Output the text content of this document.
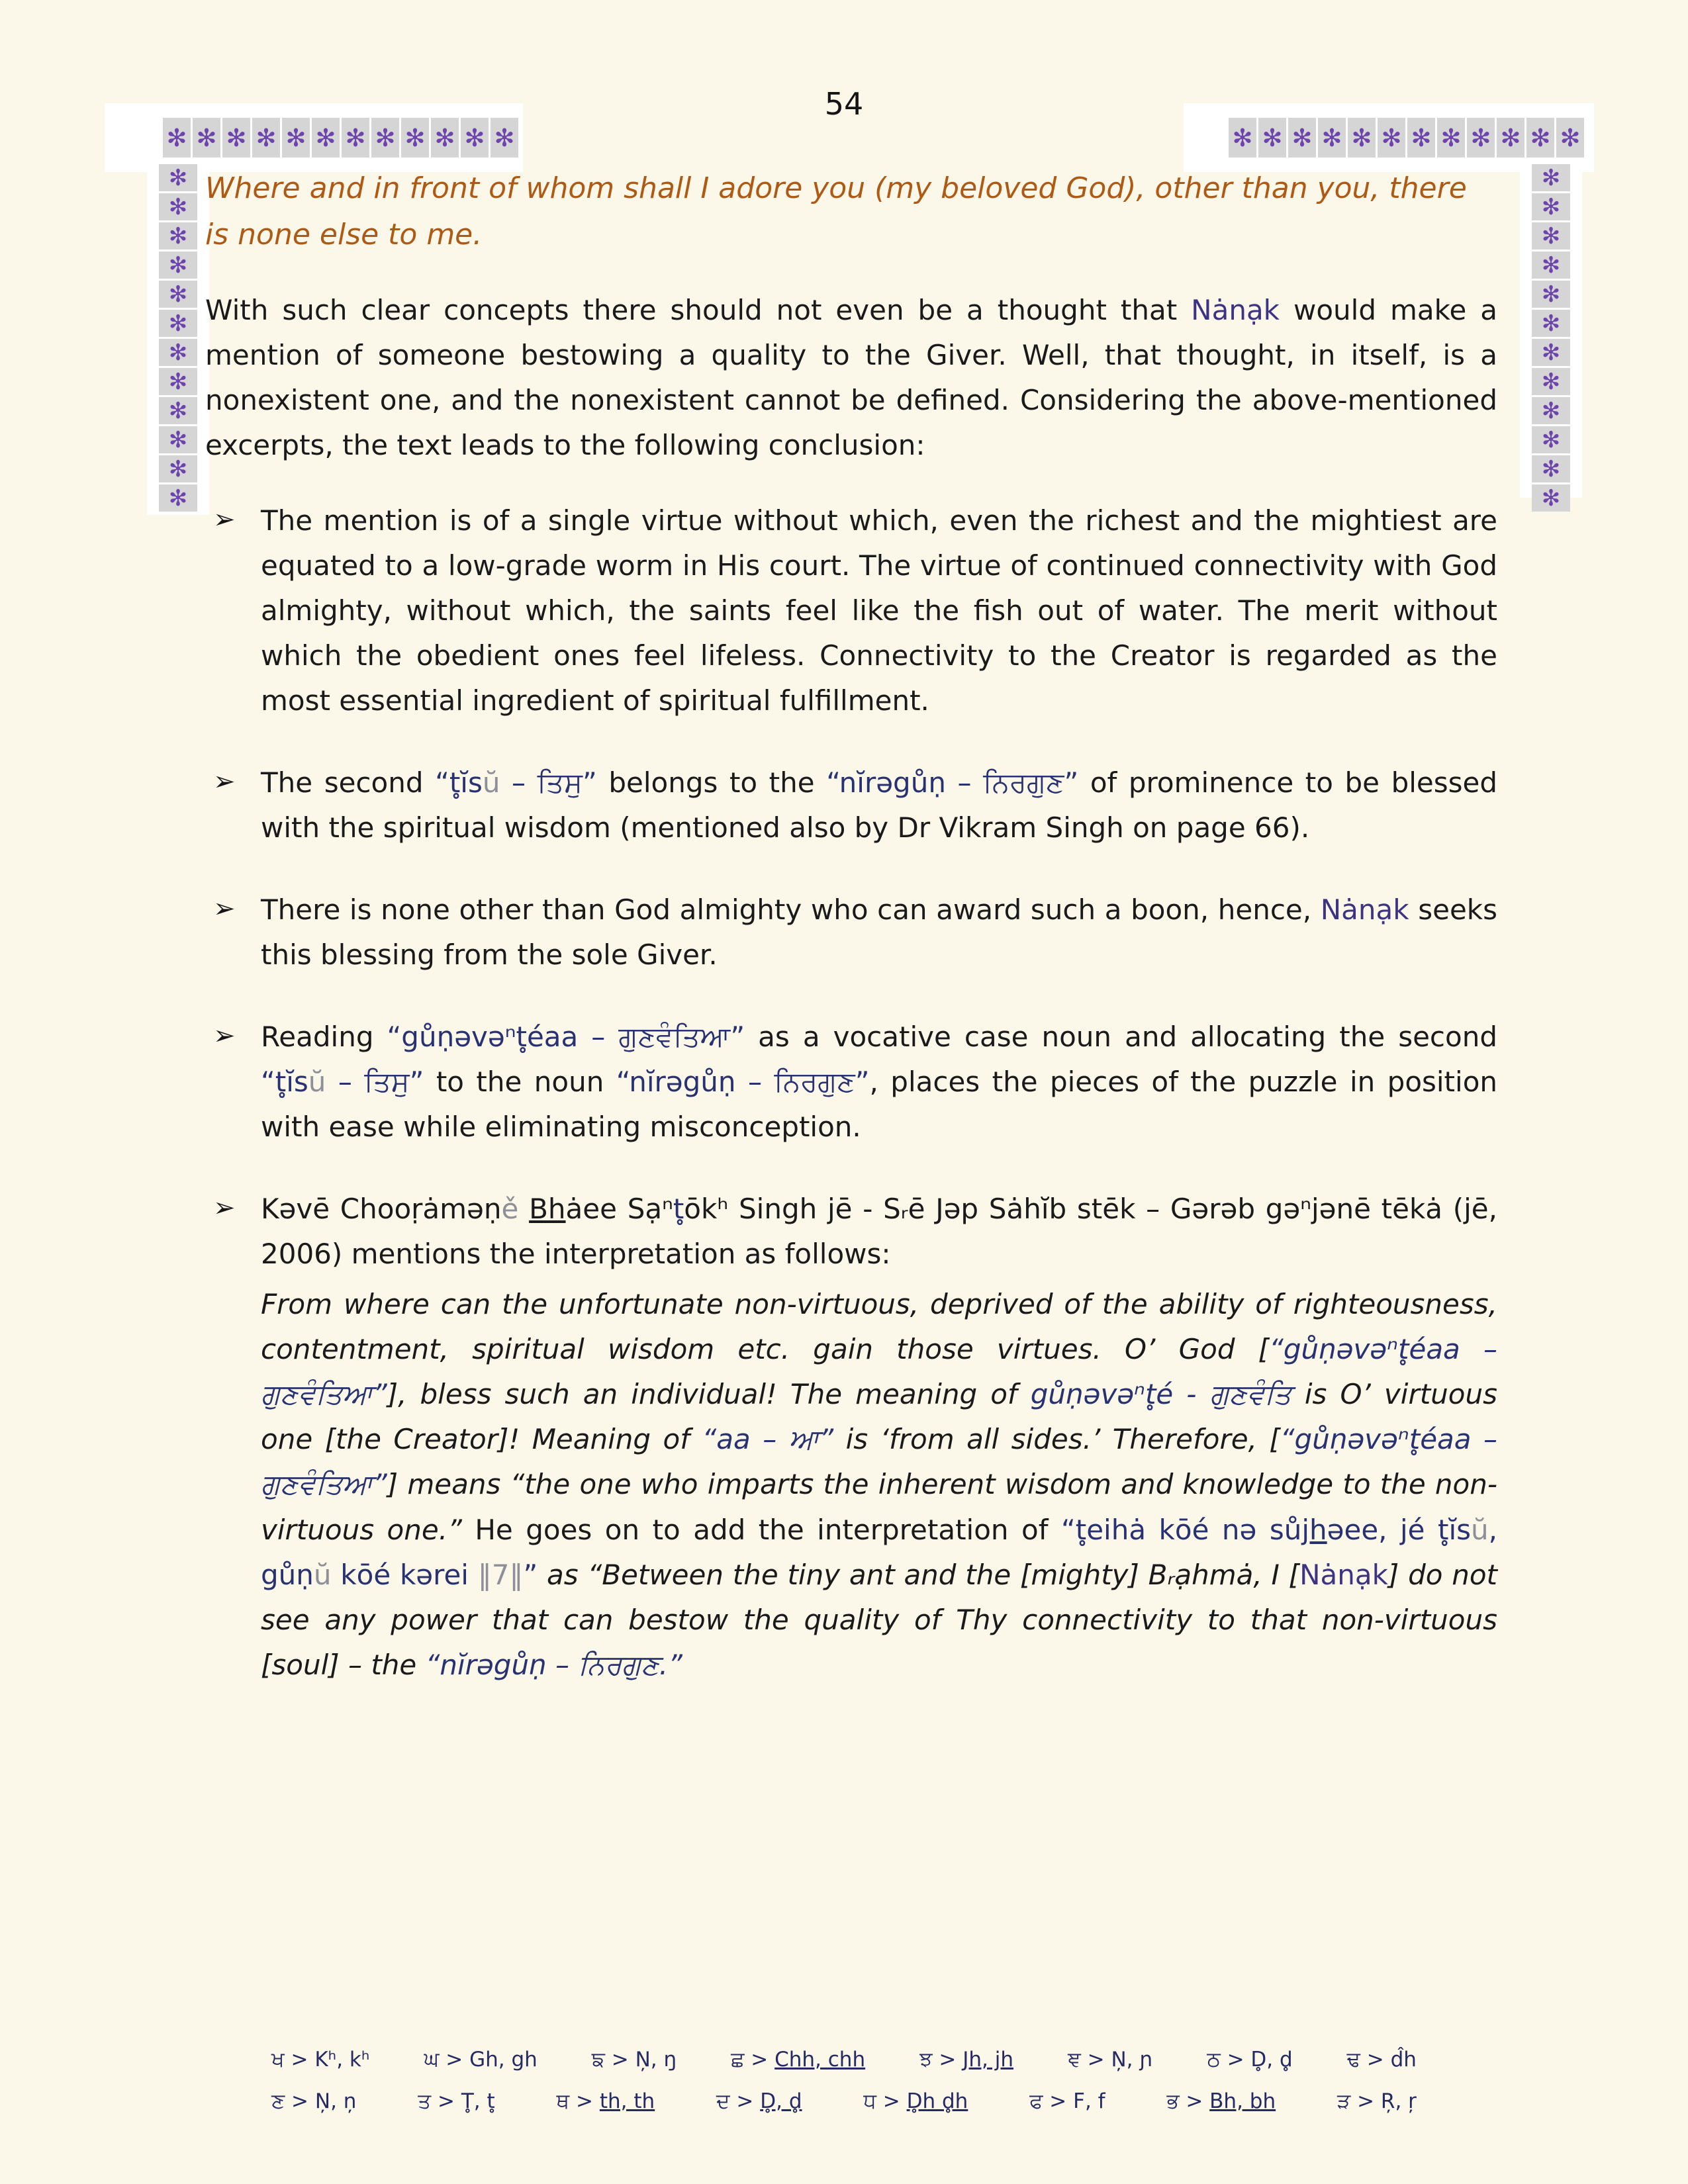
54
✻ ✻ ✻ ✻ ✻ ✻ ✻ ✻ ✻ ✻ ✻ ✻	✻ ✻ ✻ ✻ ✻ ✻ ✻ ✻ ✻ ✻ ✻ ✻
✻
✻
✻
✻
✻
✻
✻
✻
✻
✻
✻
✻
✻
✻
✻
✻
✻
✻
✻
✻
✻
✻
✻
✻

Where and in front of whom shall I adore you (my beloved God), other than you, there is none else to me.

With such clear concepts there should not even be a thought that Nȧnạk would make a mention of someone bestowing a quality to the Giver. Well, that thought, in itself, is a nonexistent one, and the nonexistent cannot be defined. Considering the above-mentioned excerpts, the text leads to the following conclusion:

➢ The mention is of a single virtue without which, even the richest and the mightiest are equated to a low-grade worm in His court. The virtue of continued connectivity with God almighty, without which, the saints feel like the fish out of water. The merit without which the obedient ones feel lifeless. Connectivity to the Creator is regarded as the most essential ingredient of spiritual fulfillment.
➢ The second “t̥ĭsŭ – ਤਿਸੁ” belongs to the “nĭrəgůṇ – ਨਿਰਗੁਣ” of prominence to be blessed with the spiritual wisdom (mentioned also by Dr Vikram Singh on page 66).
➢ There is none other than God almighty who can award such a boon, hence, Nȧnạk seeks this blessing from the sole Giver.
➢ Reading “gůṇəvəⁿt̥éaa – ਗੁਣਵੰਤਿਆ” as a vocative case noun and allocating the second “t̥ĭsŭ – ਤਿਸੁ” to the noun “nĭrəgůṇ – ਨਿਰਗੁਣ”, places the pieces of the puzzle in position with ease while eliminating misconception.
➢ Kəvē Chooṛȧməṇě Bhȧee Sạⁿt̥ōkʰ Singh jē - Sᵣē Jəp Sȧhĭb stēk – Gərəb gəⁿjənē tēkȧ (jē, 2006) mentions the interpretation as follows:
From where can the unfortunate non-virtuous, deprived of the ability of righteousness, contentment, spiritual wisdom etc. gain those virtues. O’ God [“gůṇəvəⁿt̥éaa – ਗੁਣਵੰਤਿਆ”], bless such an individual! The meaning of gůṇəvəⁿt̥é - ਗੁਣਵੰਤਿ is O’ virtuous one [the Creator]! Meaning of “aa – ਆ” is ‘from all sides.’ Therefore, [“gůṇəvəⁿt̥éaa – ਗੁਣਵੰਤਿਆ”] means “the one who imparts the inherent wisdom and knowledge to the non-virtuous one.” He goes on to add the interpretation of “t̥eihȧ kōé nə sůjhəee, jé t̥ĭsŭ, gůṇŭ kōé kərei ‖7‖” as “Between the tiny ant and the [mighty] Bᵣạhmȧ, I [Nȧnạk] do not see any power that can bestow the quality of Thy connectivity to that non-virtuous [soul] – the “nĭrəgůṇ – ਨਿਰਗੁਣ.”
ਖ > Kʰ, kʰ	ਘ > Gh, gh	ਙ > Ņ, ŋ	ਛ > Chh, chh	ਝ > Jh, jh	ਞ > Ņ, ɲ	ਠ > D̥, d̥	ਢ > d̂h
ਣ > Ņ, ņ	ਤ > T̥, t̥	ਥ > th, th	ਦ > D̥, d̥	ਧ > D̥h d̥h	ਫ > F, f	ਭ > Bh, bh	ੜ > Ŗ, ŗ
